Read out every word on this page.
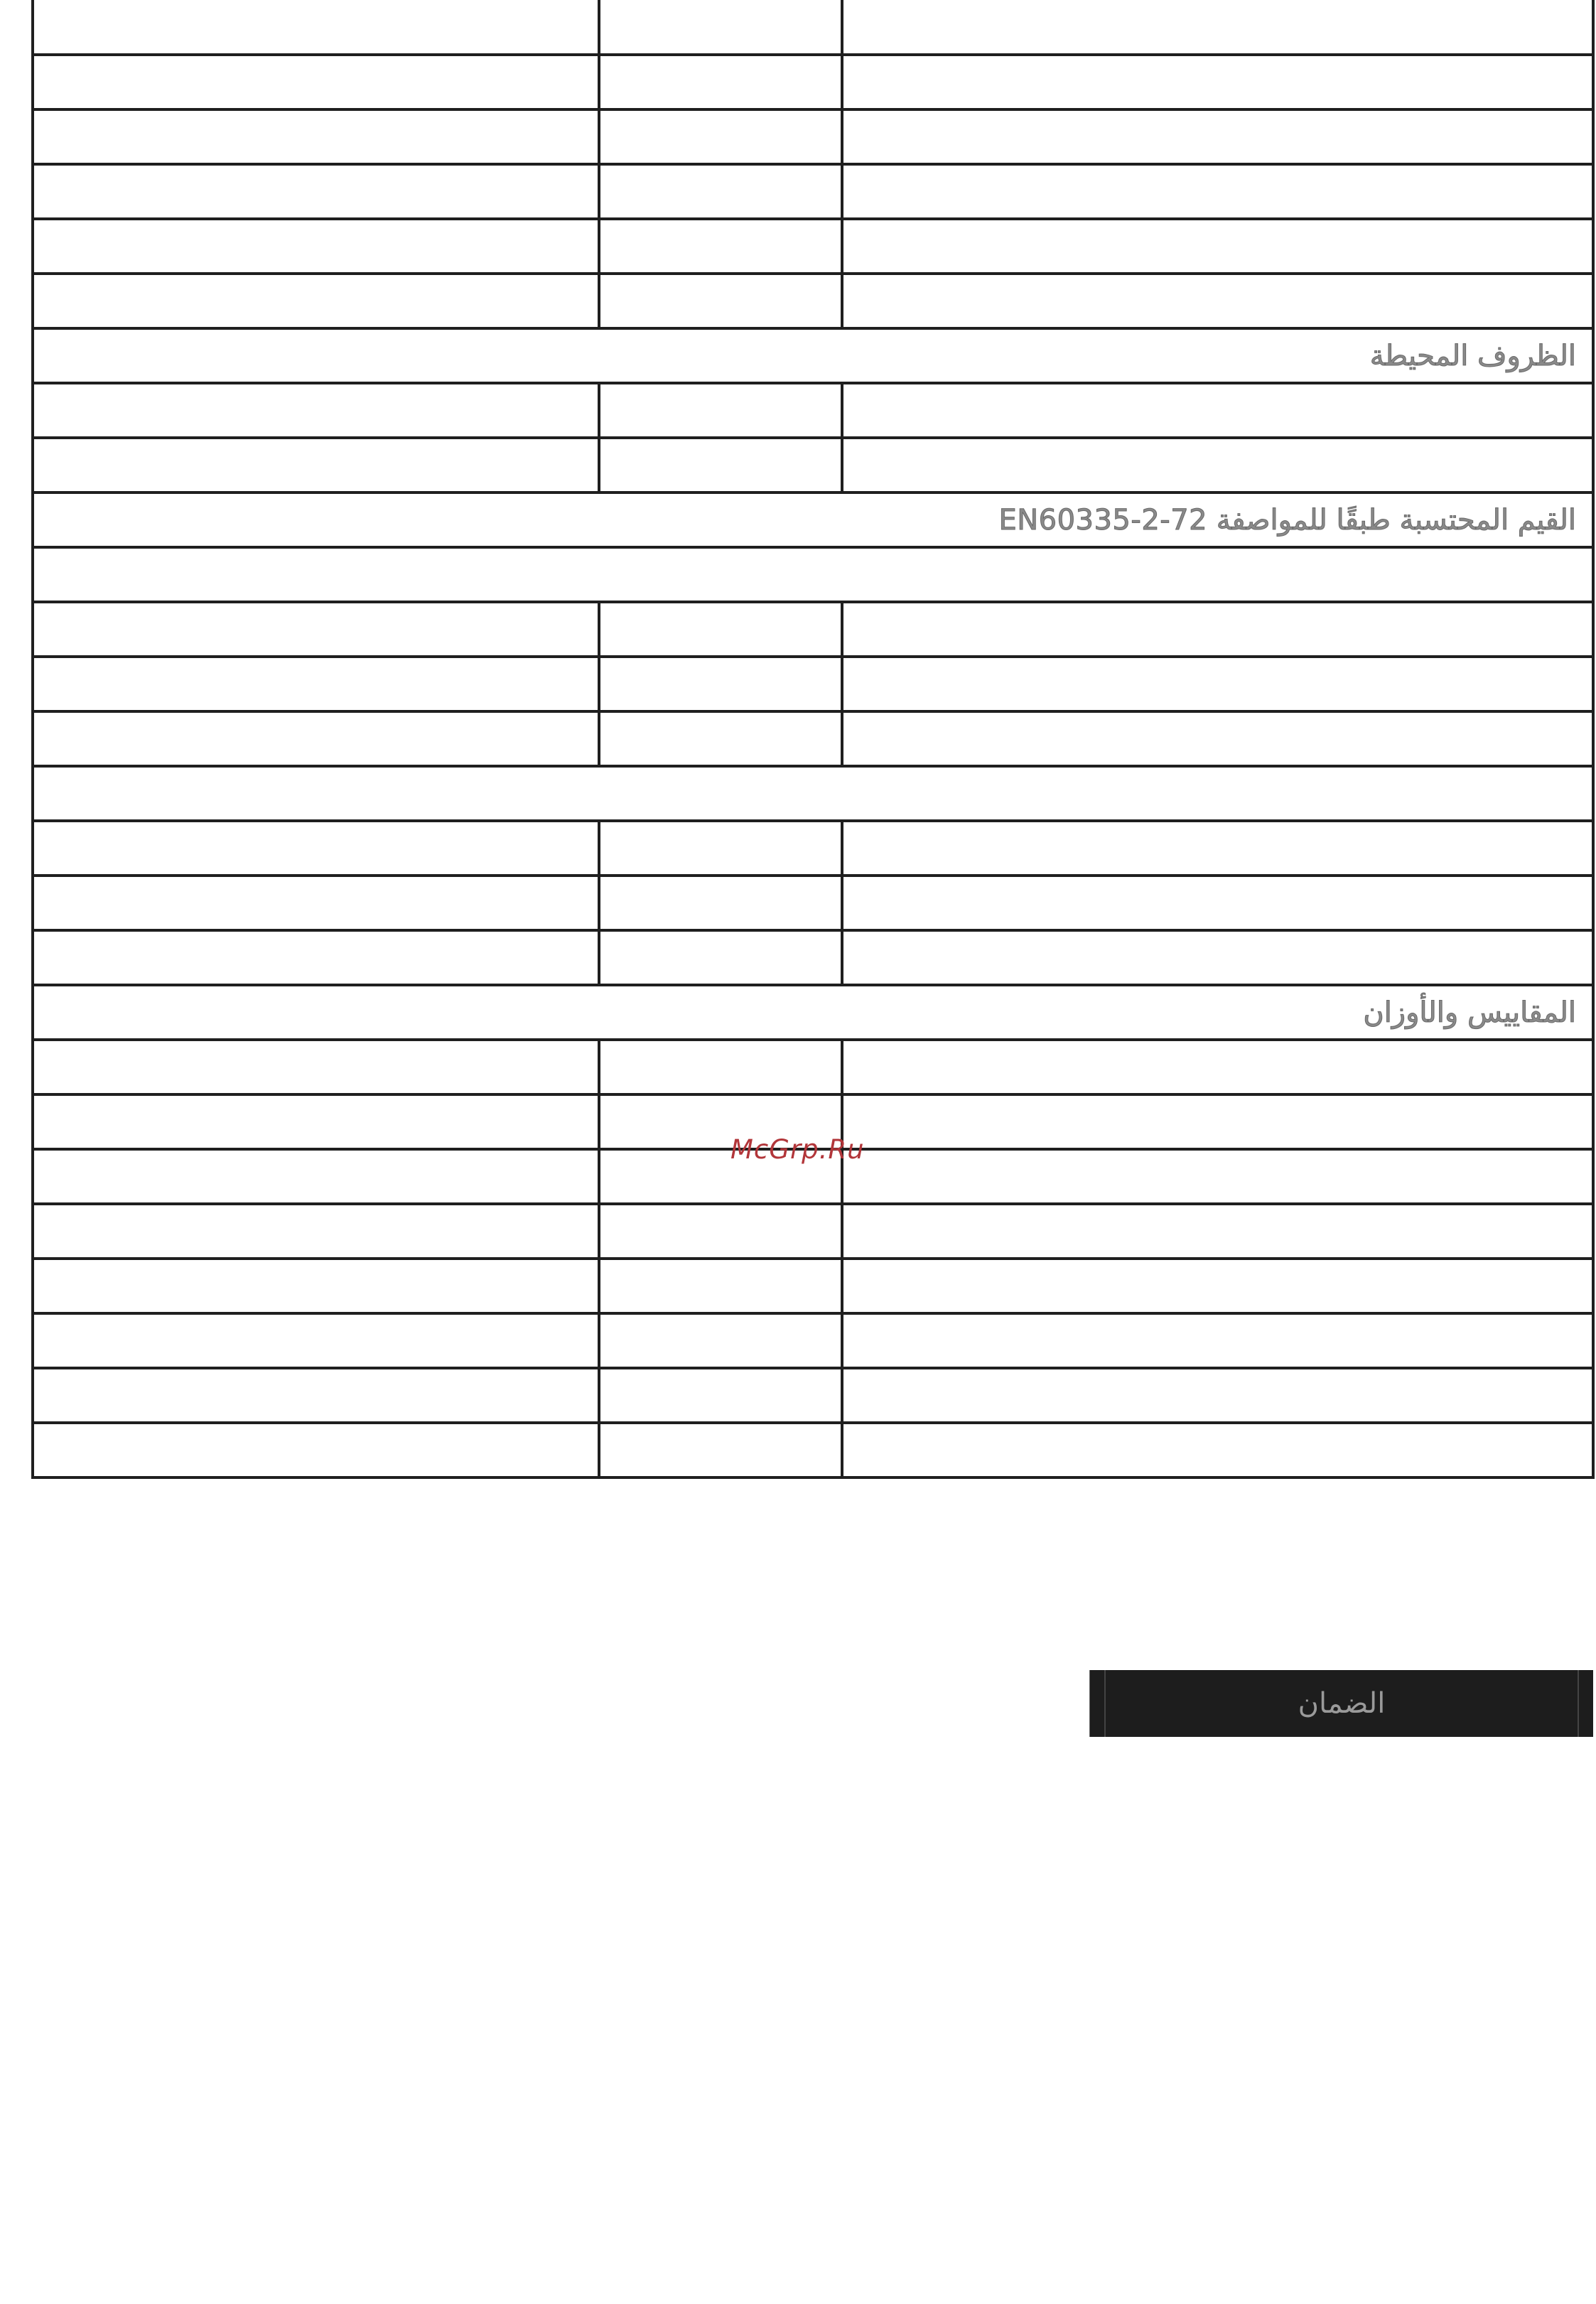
الظروف المحيطة		

القيم المحتسبة طبقًا للمواصفة EN60335-2-72		

المقاييس والأوزان		

McGrp.Ru
الضمان
